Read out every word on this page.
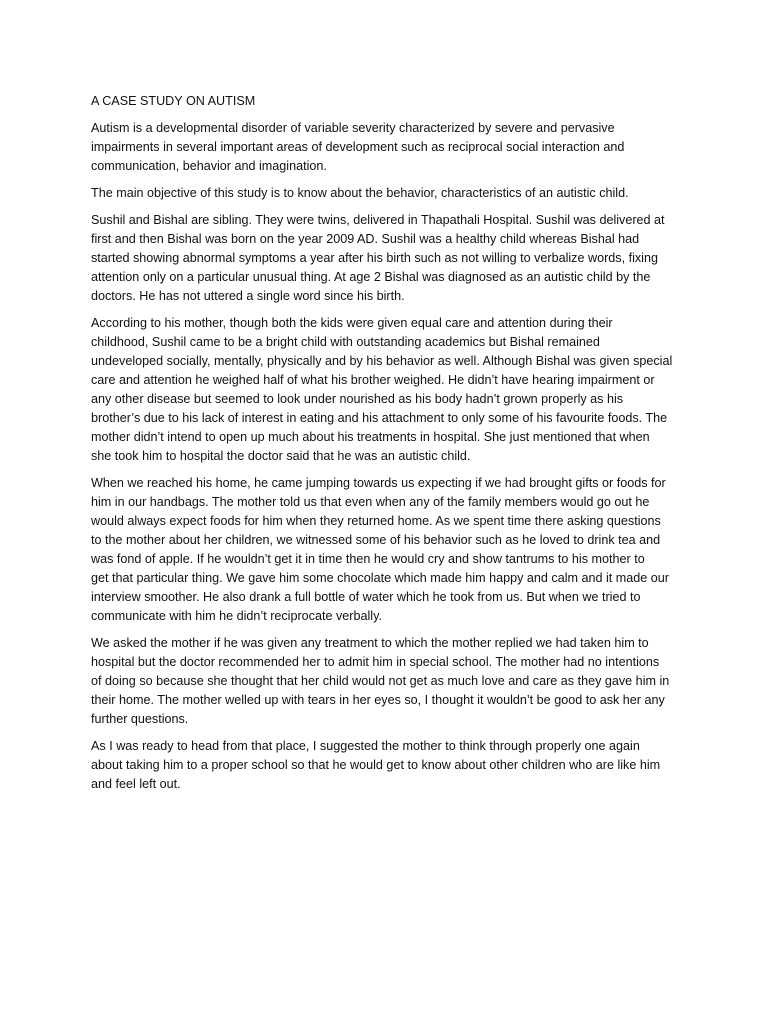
A CASE STUDY ON AUTISM

Autism is a developmental disorder of variable severity characterized by severe and pervasive
impairments in several important areas of development such as reciprocal social interaction and
communication, behavior and imagination.

The main objective of this study is to know about the behavior, characteristics of an autistic child.

Sushil and Bishal are sibling. They were twins, delivered in Thapathali Hospital. Sushil was delivered at
first and then Bishal was born on the year 2009 AD. Sushil was a healthy child whereas Bishal had
started showing abnormal symptoms a year after his birth such as not willing to verbalize words, fixing
attention only on a particular unusual thing. At age 2 Bishal was diagnosed as an autistic child by the
doctors. He has not uttered a single word since his birth.

According to his mother, though both the kids were given equal care and attention during their
childhood, Sushil came to be a bright child with outstanding academics but Bishal remained
undeveloped socially, mentally, physically and by his behavior as well. Although Bishal was given special
care and attention he weighed half of what his brother weighed. He didn’t have hearing impairment or
any other disease but seemed to look under nourished as his body hadn’t grown properly as his
brother’s due to his lack of interest in eating and his attachment to only some of his favourite foods. The
mother didn’t intend to open up much about his treatments in hospital. She just mentioned that when
she took him to hospital the doctor said that he was an autistic child.

When we reached his home, he came jumping towards us expecting if we had brought gifts or foods for
him in our handbags. The mother told us that even when any of the family members would go out he
would always expect foods for him when they returned home. As we spent time there asking questions
to the mother about her children, we witnessed some of his behavior such as he loved to drink tea and
was fond of apple. If he wouldn’t get it in time then he would cry and show tantrums to his mother to
get that particular thing. We gave him some chocolate which made him happy and calm and it made our
interview smoother. He also drank a full bottle of water which he took from us. But when we tried to
communicate with him he didn’t reciprocate verbally.

We asked the mother if he was given any treatment to which the mother replied we had taken him to
hospital but the doctor recommended her to admit him in special school. The mother had no intentions
of doing so because she thought that her child would not get as much love and care as they gave him in
their home. The mother welled up with tears in her eyes so, I thought it wouldn’t be good to ask her any
further questions.

As I was ready to head from that place, I suggested the mother to think through properly one again
about taking him to a proper school so that he would get to know about other children who are like him
and feel left out.
